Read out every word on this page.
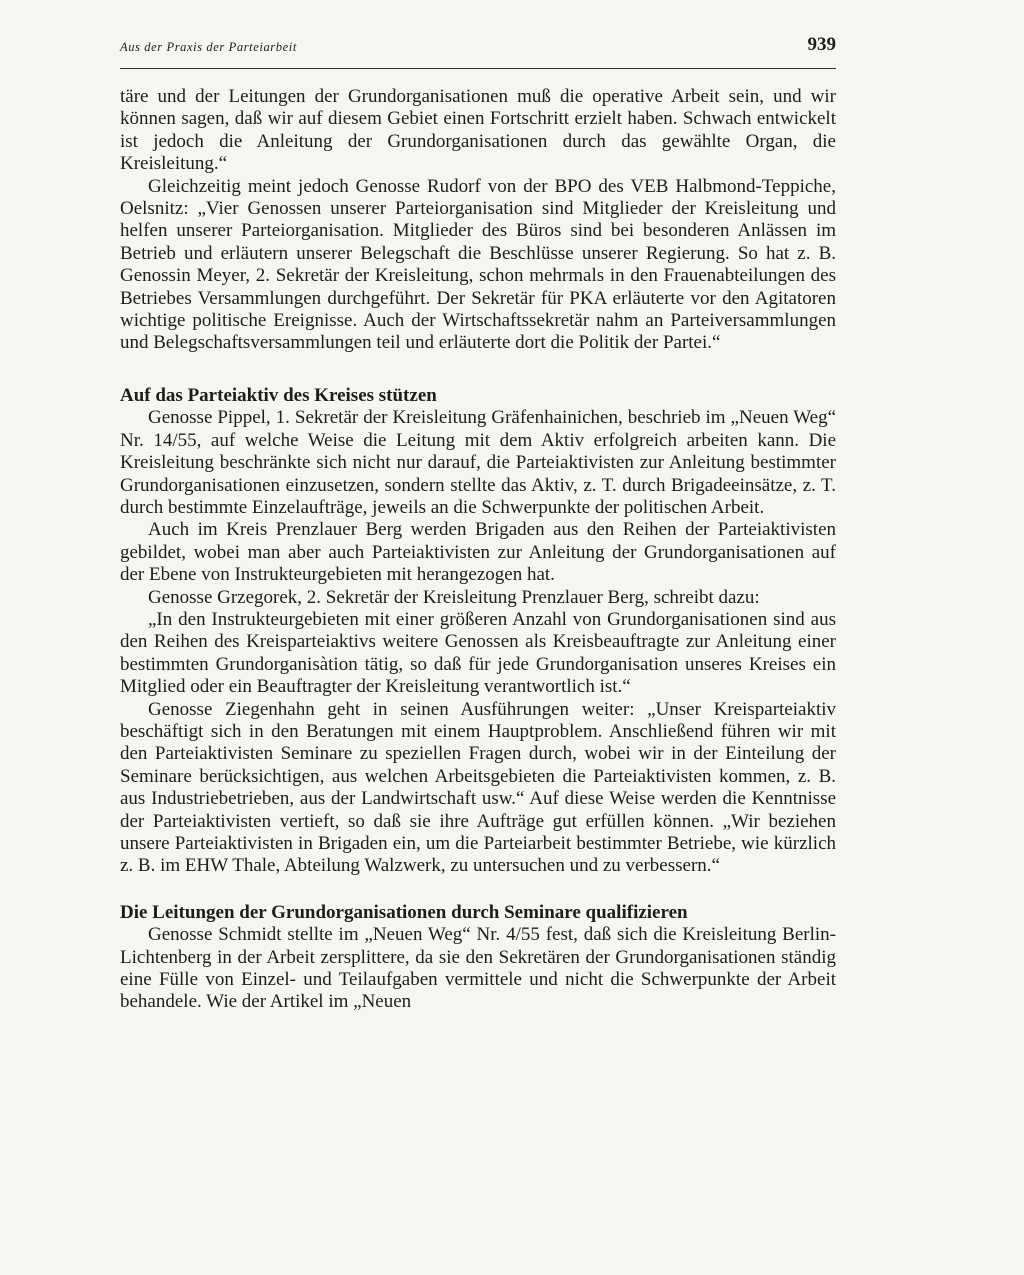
Aus der Praxis der Parteiarbeit	939

täre und der Leitungen der Grundorganisationen muß die operative Arbeit sein, und wir können sagen, daß wir auf diesem Gebiet einen Fortschritt erzielt haben. Schwach entwickelt ist jedoch die Anleitung der Grundorganisationen durch das gewählte Organ, die Kreisleitung.“

Gleichzeitig meint jedoch Genosse Rudorf von der BPO des VEB Halbmond-Teppiche, Oelsnitz: „Vier Genossen unserer Parteiorganisation sind Mitglieder der Kreisleitung und helfen unserer Parteiorganisation. Mitglieder des Büros sind bei besonderen Anlässen im Betrieb und erläutern unserer Belegschaft die Beschlüsse unserer Regierung. So hat z. B. Genossin Meyer, 2. Sekretär der Kreisleitung, schon mehrmals in den Frauenabteilungen des Betriebes Versammlungen durchgeführt. Der Sekretär für PKA erläuterte vor den Agitatoren wichtige politische Ereignisse. Auch der Wirtschaftssekretär nahm an Parteiversammlungen und Belegschaftsversammlungen teil und erläuterte dort die Politik der Partei.“

Auf das Parteiaktiv des Kreises stützen

Genosse Pippel, 1. Sekretär der Kreisleitung Gräfenhainichen, beschrieb im „Neuen Weg“ Nr. 14/55, auf welche Weise die Leitung mit dem Aktiv erfolgreich arbeiten kann. Die Kreisleitung beschränkte sich nicht nur darauf, die Parteiaktivisten zur Anleitung bestimmter Grundorganisationen einzusetzen, sondern stellte das Aktiv, z. T. durch Brigadeeinsätze, z. T. durch bestimmte Einzelaufträge, jeweils an die Schwerpunkte der politischen Arbeit.

Auch im Kreis Prenzlauer Berg werden Brigaden aus den Reihen der Parteiaktivisten gebildet, wobei man aber auch Parteiaktivisten zur Anleitung der Grundorganisationen auf der Ebene von Instrukteurgebieten mit herangezogen hat.

Genosse Grzegorek, 2. Sekretär der Kreisleitung Prenzlauer Berg, schreibt dazu:

„In den Instrukteurgebieten mit einer größeren Anzahl von Grundorganisationen sind aus den Reihen des Kreisparteiaktivs weitere Genossen als Kreisbeauftragte zur Anleitung einer bestimmten Grundorganisàtion tätig, so daß für jede Grundorganisation unseres Kreises ein Mitglied oder ein Beauftragter der Kreisleitung verantwortlich ist.“

Genosse Ziegenhahn geht in seinen Ausführungen weiter: „Unser Kreisparteiaktiv beschäftigt sich in den Beratungen mit einem Hauptproblem. Anschließend führen wir mit den Parteiaktivisten Seminare zu speziellen Fragen durch, wobei wir in der Einteilung der Seminare berücksichtigen, aus welchen Arbeitsgebieten die Parteiaktivisten kommen, z. B. aus Industriebetrieben, aus der Landwirtschaft usw.“ Auf diese Weise werden die Kenntnisse der Parteiaktivisten vertieft, so daß sie ihre Aufträge gut erfüllen können. „Wir beziehen unsere Parteiaktivisten in Brigaden ein, um die Parteiarbeit bestimmter Betriebe, wie kürzlich z. B. im EHW Thale, Abteilung Walzwerk, zu untersuchen und zu verbessern.“

Die Leitungen der Grundorganisationen durch Seminare qualifizieren

Genosse Schmidt stellte im „Neuen Weg“ Nr. 4/55 fest, daß sich die Kreisleitung Berlin-Lichtenberg in der Arbeit zersplittere, da sie den Sekretären der Grundorganisationen ständig eine Fülle von Einzel- und Teilaufgaben vermittele und nicht die Schwerpunkte der Arbeit behandele. Wie der Artikel im „Neuen
